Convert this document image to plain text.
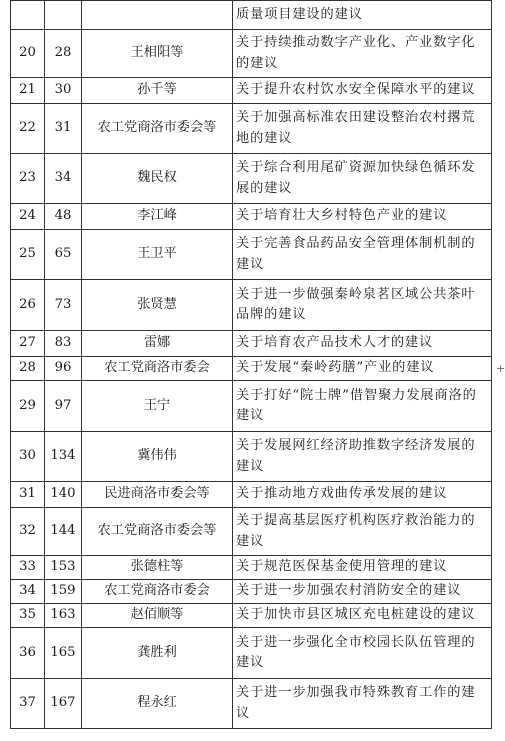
			质量项目建设的建议
20	28	王相阳等	关于持续推动数字产业化、产业数字化的建议
21	30	孙千等	关于提升农村饮水安全保障水平的建议
22	31	农工党商洛市委会等	关于加强高标准农田建设整治农村撂荒地的建议
23	34	魏民权	关于综合利用尾矿资源加快绿色循环发展的建议
24	48	李江峰	关于培育壮大乡村特色产业的建议
25	65	王卫平	关于完善食品药品安全管理体制机制的建议
26	73	张贤慧	关于进一步做强秦岭泉茗区域公共茶叶品牌的建议
27	83	雷娜	关于培育农产品技术人才的建议
28	96	农工党商洛市委会	关于发展“秦岭药膳”产业的建议
29	97	王宁	关于打好“院士牌”借智聚力发展商洛的建议
30	134	冀伟伟	关于发展网红经济助推数字经济发展的建议
31	140	民进商洛市委会等	关于推动地方戏曲传承发展的建议
32	144	农工党商洛市委会等	关于提高基层医疗机构医疗救治能力的建议
33	153	张德柱等	关于规范医保基金使用管理的建议
34	159	农工党商洛市委会	关于进一步加强农村消防安全的建议
35	163	赵佰顺等	关于加快市县区城区充电桩建设的建议
36	165	龚胜利	关于进一步强化全市校园长队伍管理的建议
37	167	程永红	关于进一步加强我市特殊教育工作的建议
+
